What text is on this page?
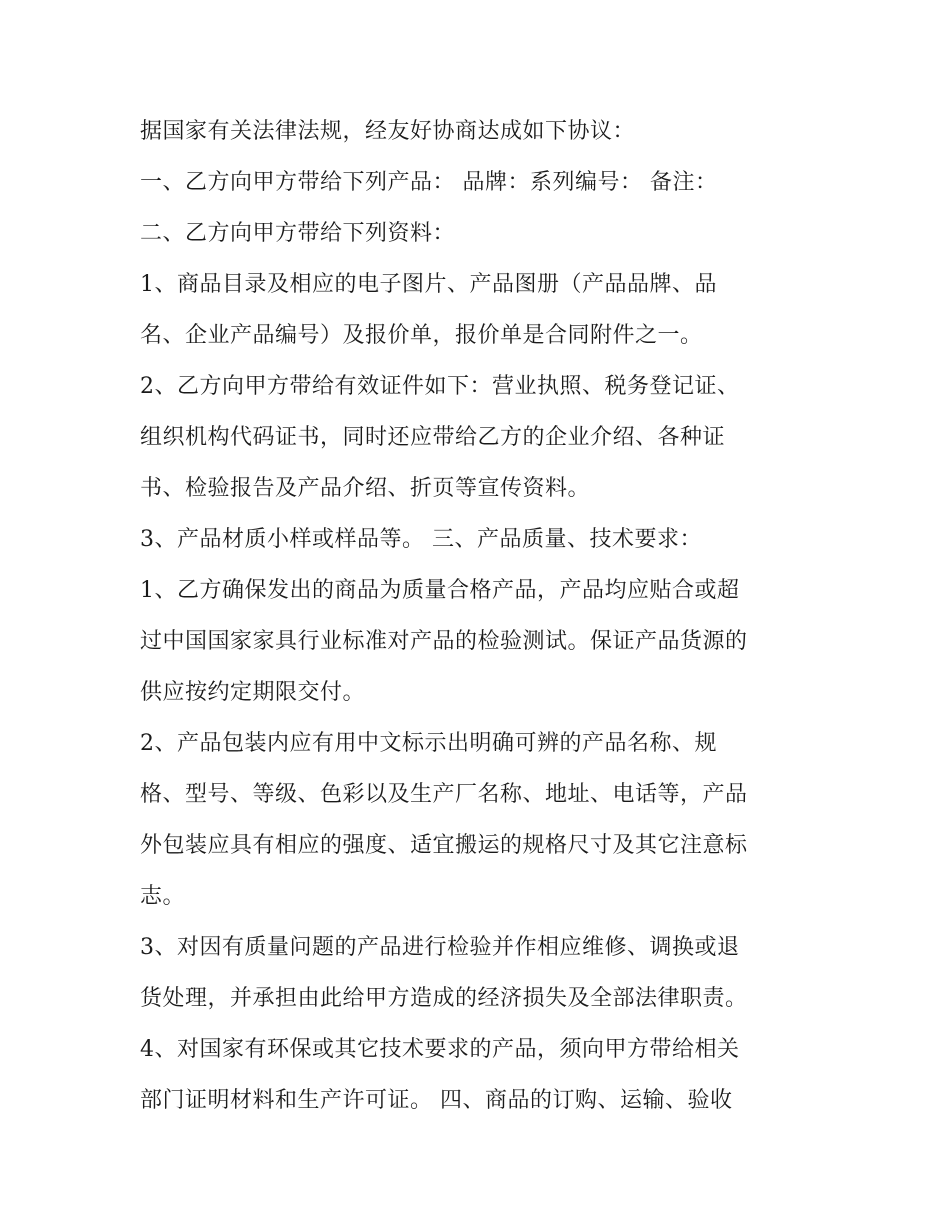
据国家有关法律法规，经友好协商达成如下协议：
一、乙方向甲方带给下列产品： 品牌：系列编号： 备注：
二、乙方向甲方带给下列资料：
1、商品目录及相应的电子图片、产品图册（产品品牌、品
名、企业产品编号）及报价单，报价单是合同附件之一。
2、乙方向甲方带给有效证件如下：营业执照、税务登记证、
组织机构代码证书，同时还应带给乙方的企业介绍、各种证
书、检验报告及产品介绍、折页等宣传资料。
3、产品材质小样或样品等。 三、产品质量、技术要求：
1、乙方确保发出的商品为质量合格产品，产品均应贴合或超
过中国国家家具行业标准对产品的检验测试。保证产品货源的
供应按约定期限交付。
2、产品包装内应有用中文标示出明确可辨的产品名称、规
格、型号、等级、色彩以及生产厂名称、地址、电话等，产品
外包装应具有相应的强度、适宜搬运的规格尺寸及其它注意标
志。
3、对因有质量问题的产品进行检验并作相应维修、调换或退
货处理，并承担由此给甲方造成的经济损失及全部法律职责。
4、对国家有环保或其它技术要求的产品，须向甲方带给相关
部门证明材料和生产许可证。 四、商品的订购、运输、验收
